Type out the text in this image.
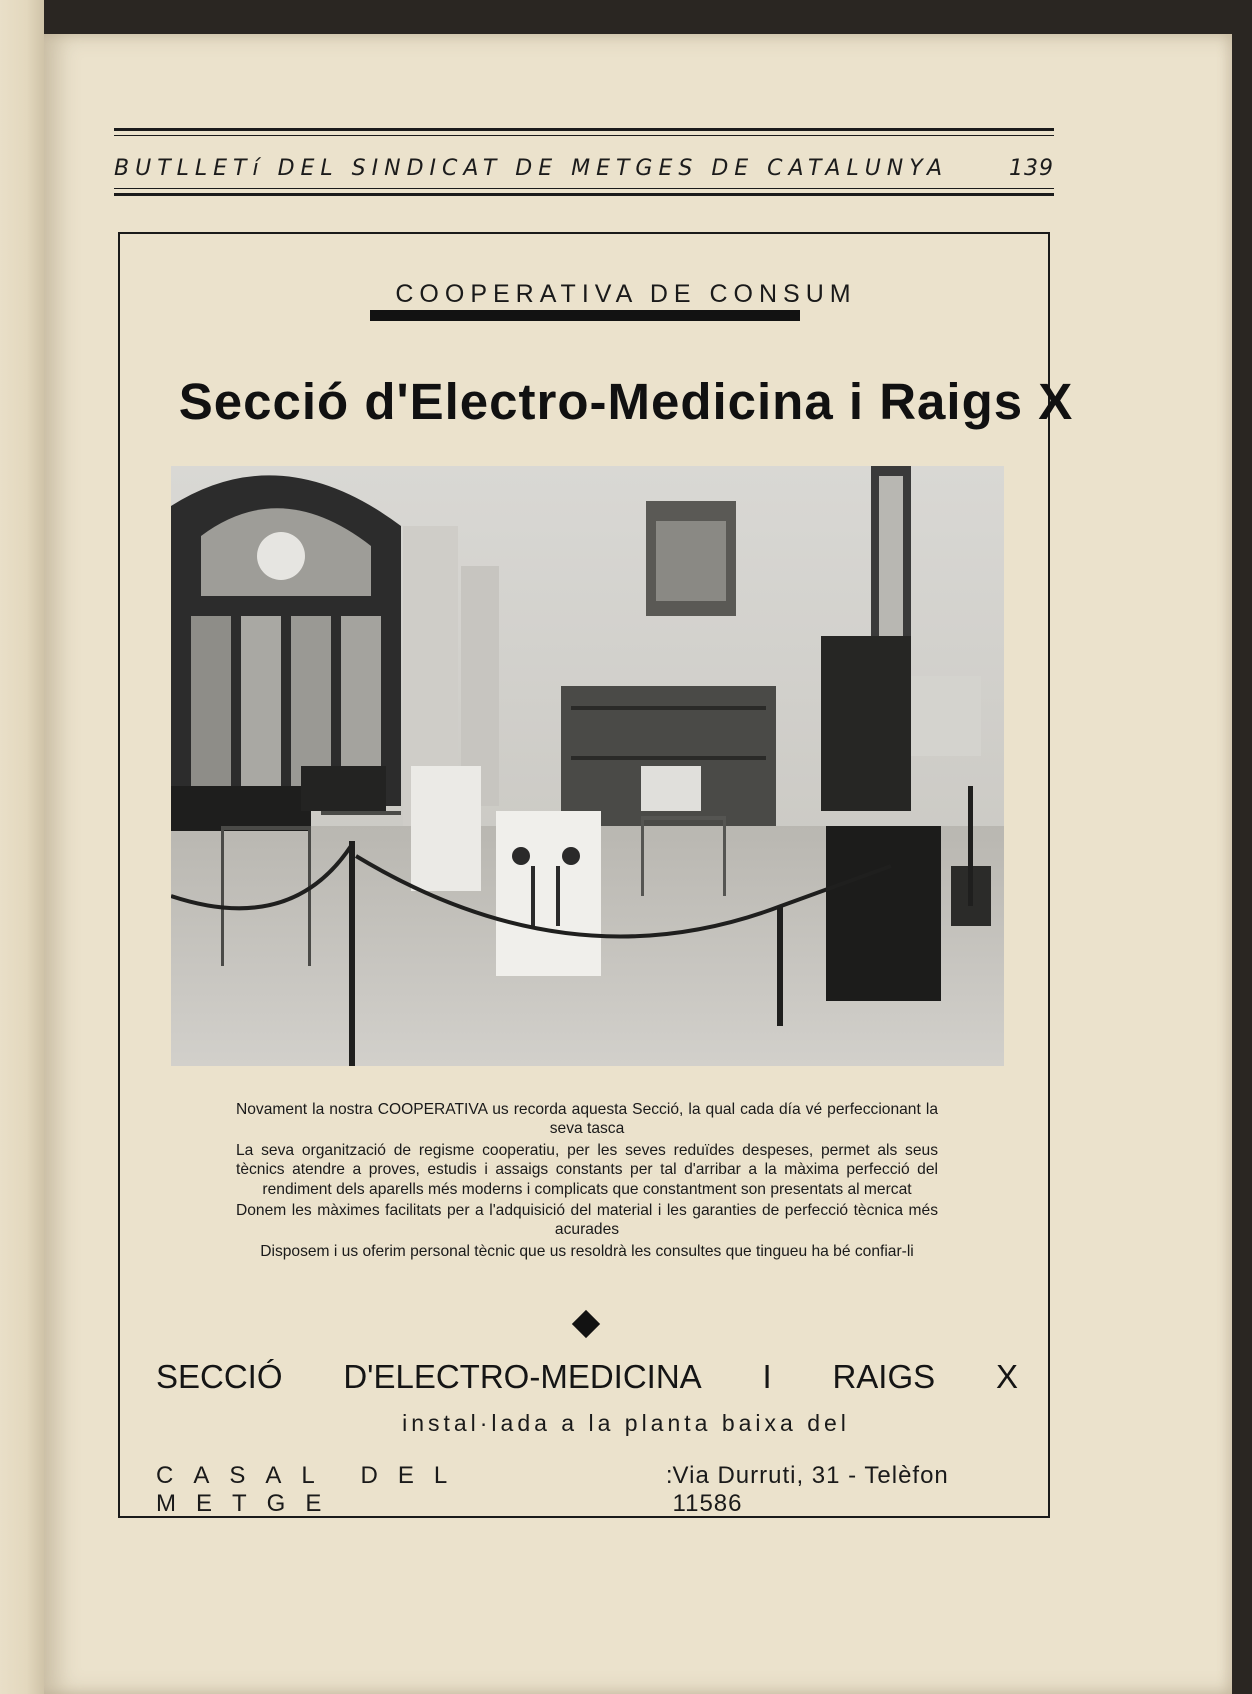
BUTLLETí DEL SINDICAT DE METGES DE CATALUNYA	139
COOPERATIVA DE CONSUM
Secció d'Electro-Medicina i Raigs X

Novament la nostra COOPERATIVA us recorda aquesta Secció, la qual cada día vé perfeccionant la seva tasca

La seva organització de regisme cooperatiu, per les seves reduïdes despeses, permet als seus tècnics atendre a proves, estudis i assaigs constants per tal d'arribar a la màxima perfecció del rendiment dels aparells més moderns i complicats que constantment son presentats al mercat

Donem les màximes facilitats per a l'adquisició del material i les garanties de perfecció tècnica més acurades

Disposem i us oferim personal tècnic que us resoldrà les consultes que tingueu ha bé confiar-li

SECCIÓ D'ELECTRO-MEDICINA I RAIGS X
instal·lada a la planta baixa del
CASAL DEL METGE
: Via Durruti, 31 - Telèfon 11586
